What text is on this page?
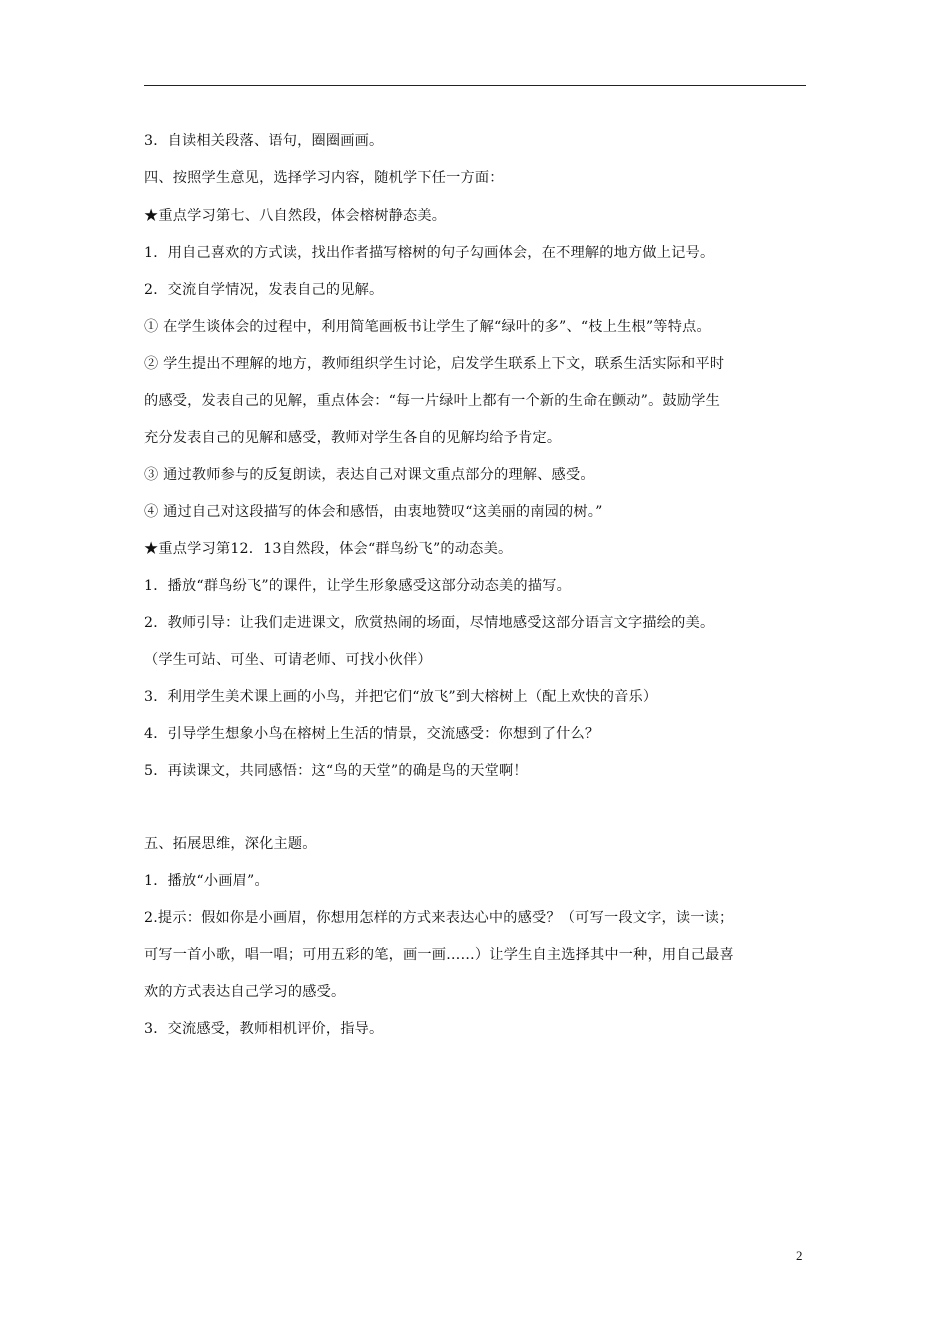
3．自读相关段落、语句，圈圈画画。
四、按照学生意见，选择学习内容，随机学下任一方面：
★重点学习第七、八自然段，体会榕树静态美。
1．用自己喜欢的方式读，找出作者描写榕树的句子勾画体会，在不理解的地方做上记号。
2．交流自学情况，发表自己的见解。
① 在学生谈体会的过程中，利用简笔画板书让学生了解“绿叶的多”、“枝上生根”等特点。
② 学生提出不理解的地方，教师组织学生讨论，启发学生联系上下文，联系生活实际和平时
的感受，发表自己的见解，重点体会：“每一片绿叶上都有一个新的生命在颤动”。鼓励学生
充分发表自己的见解和感受，教师对学生各自的见解均给予肯定。
③ 通过教师参与的反复朗读，表达自己对课文重点部分的理解、感受。
④ 通过自己对这段描写的体会和感悟，由衷地赞叹“这美丽的南园的树。”
★重点学习第12．13自然段，体会“群鸟纷飞”的动态美。
1．播放“群鸟纷飞”的课件，让学生形象感受这部分动态美的描写。
2．教师引导：让我们走进课文，欣赏热闹的场面，尽情地感受这部分语言文字描绘的美。
（学生可站、可坐、可请老师、可找小伙伴）
3．利用学生美术课上画的小鸟，并把它们“放飞”到大榕树上（配上欢快的音乐）
4．引导学生想象小鸟在榕树上生活的情景，交流感受：你想到了什么？
5．再读课文，共同感悟：这“鸟的天堂”的确是鸟的天堂啊！
五、拓展思维，深化主题。
1．播放“小画眉”。
2.提示：假如你是小画眉，你想用怎样的方式来表达心中的感受？（可写一段文字，读一读；
可写一首小歌，唱一唱；可用五彩的笔，画一画……）让学生自主选择其中一种，用自己最喜
欢的方式表达自己学习的感受。
3．交流感受，教师相机评价，指导。
2
